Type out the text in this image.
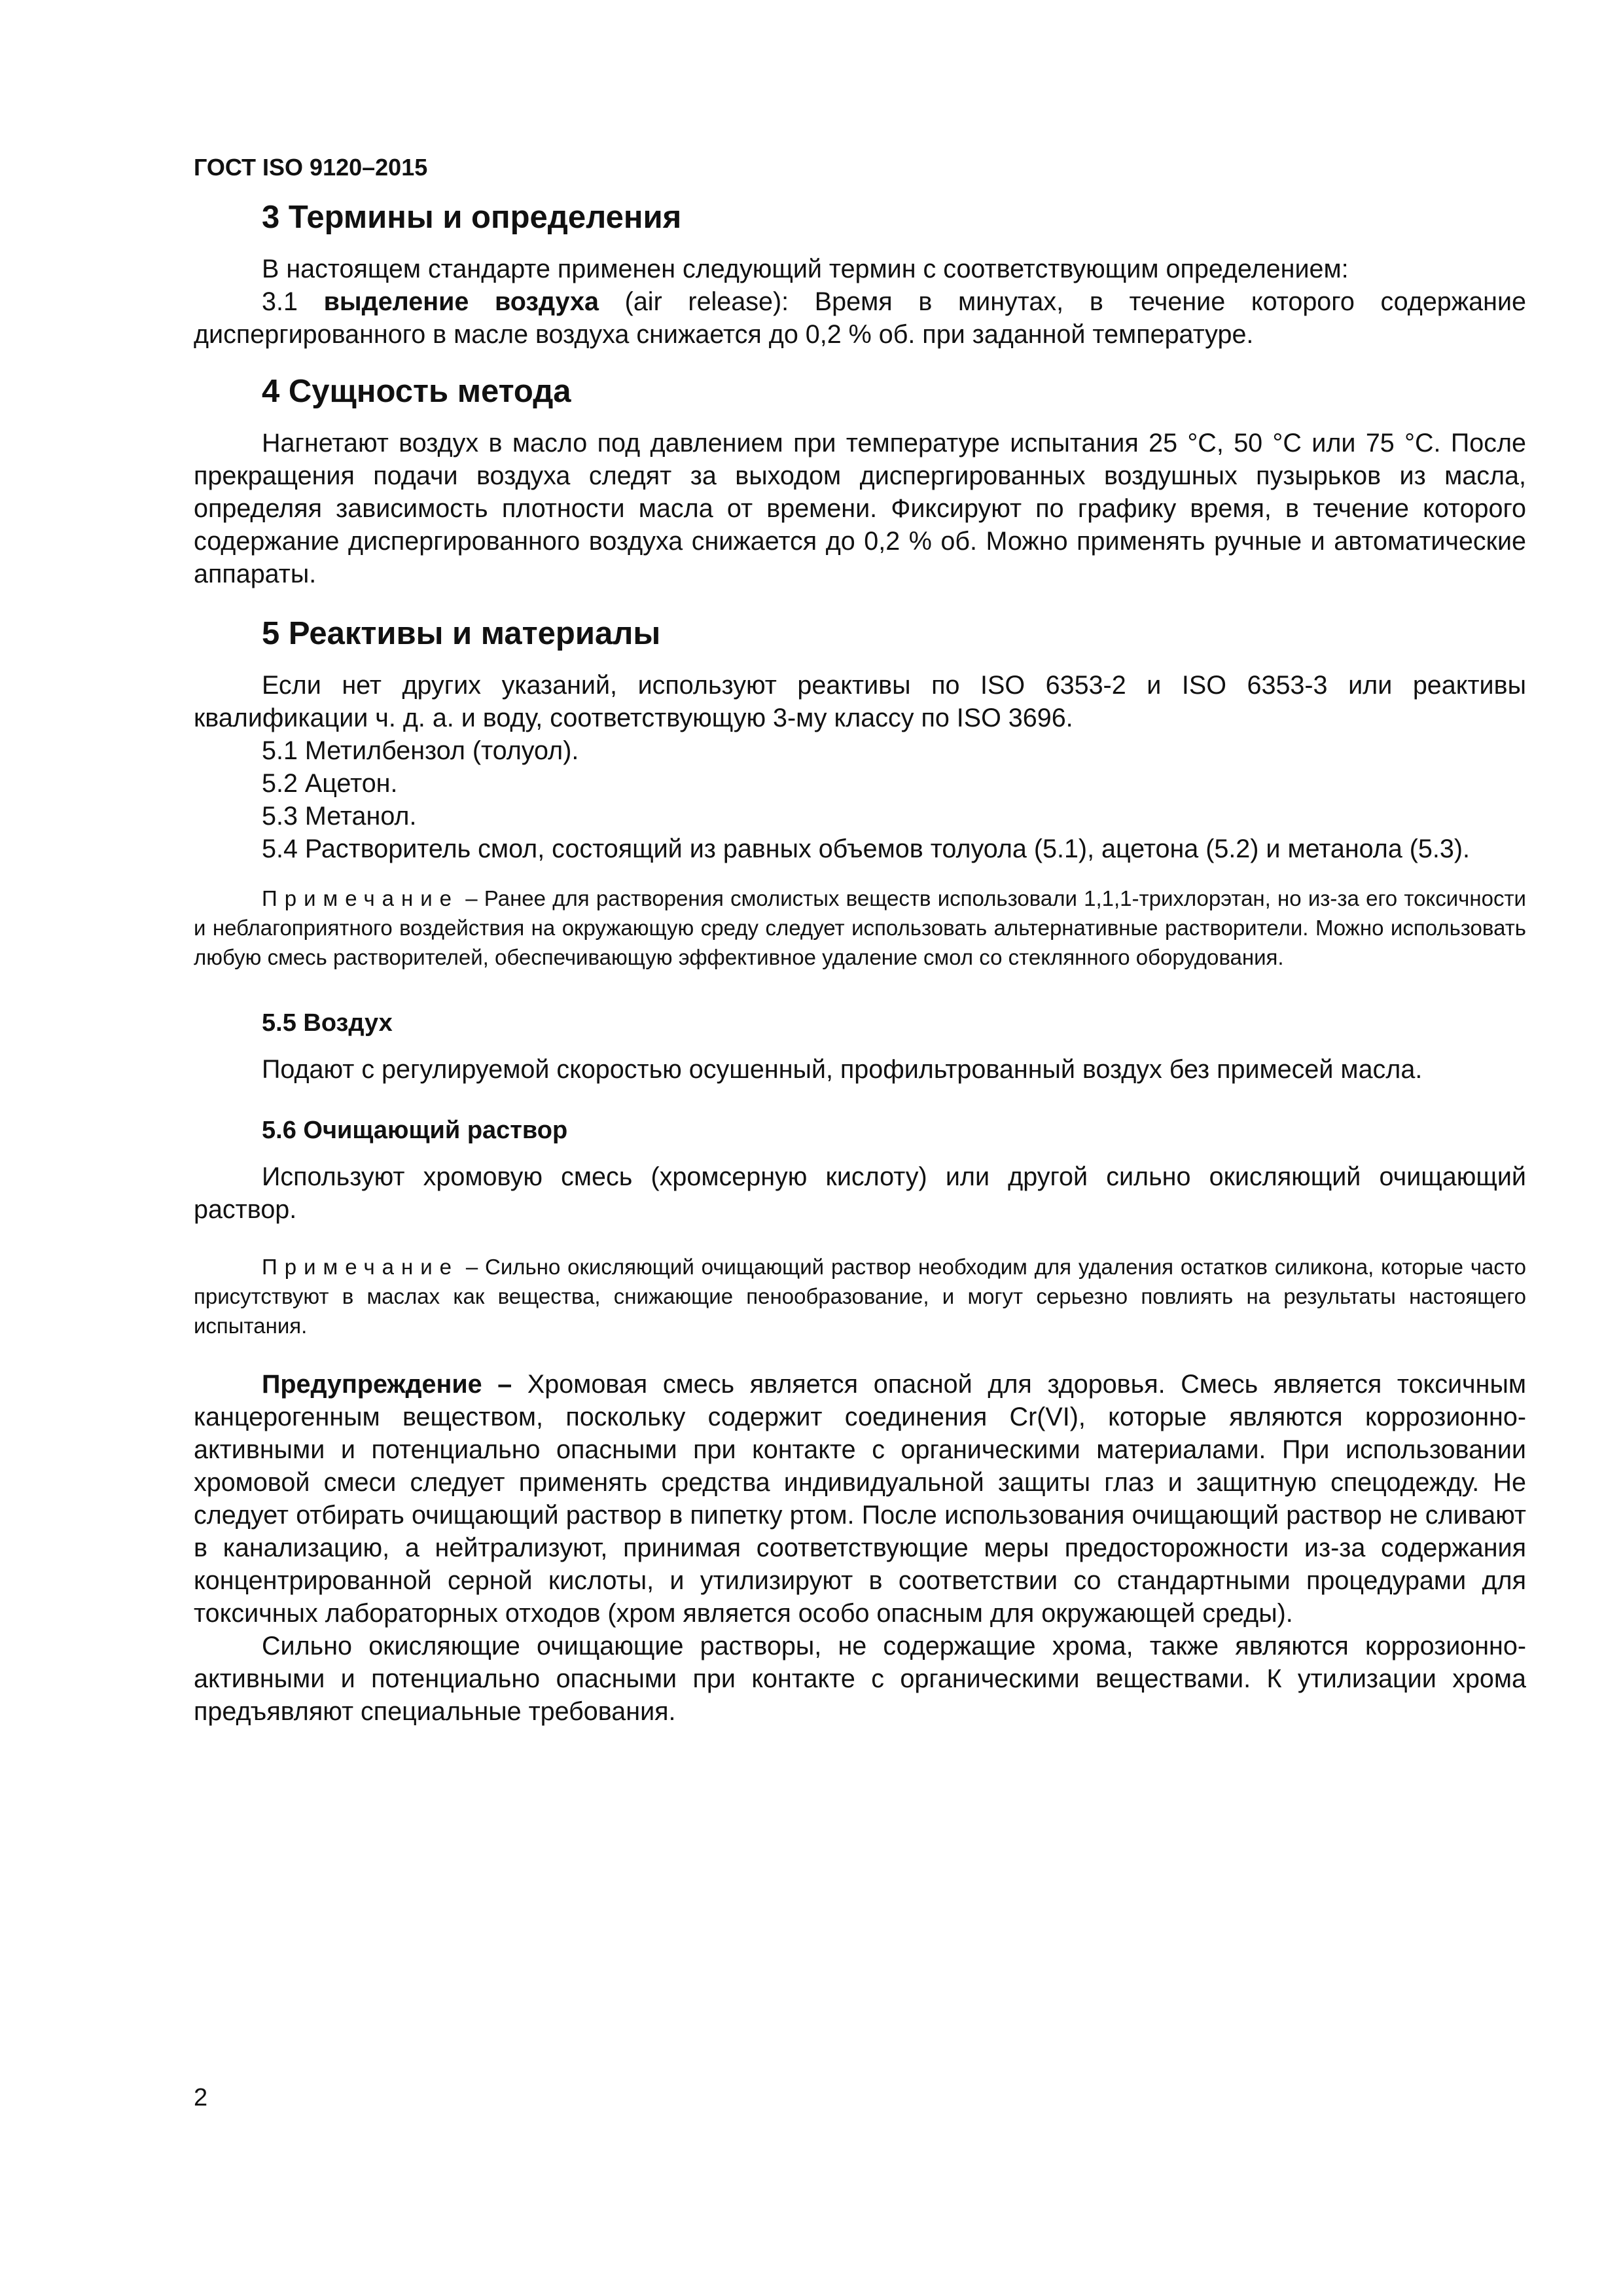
ГОСТ ISO 9120–2015
3 Термины и определения

В настоящем стандарте применен следующий термин с соответствующим определением:

3.1 выделение воздуха (air release): Время в минутах, в течение которого содержание диспергированного в масле воздуха снижается до 0,2 % об. при заданной температуре.

4 Сущность метода

Нагнетают воздух в масло под давлением при температуре испытания 25 °С, 50 °С или 75 °С. После прекращения подачи воздуха следят за выходом диспергированных воздушных пузырьков из масла, определяя зависимость плотности масла от времени. Фиксируют по графику время, в течение которого содержание диспергированного воздуха снижается до 0,2 % об. Можно применять ручные и автоматические аппараты.

5 Реактивы и материалы

Если нет других указаний, используют реактивы по ISO 6353-2 и ISO 6353-3 или реактивы квалификации ч. д. а. и воду, соответствующую 3-му классу по ISO 3696.

5.1 Метилбензол (толуол).

5.2 Ацетон.

5.3 Метанол.

5.4 Растворитель смол, состоящий из равных объемов толуола (5.1), ацетона (5.2) и метанола (5.3).

Примечание – Ранее для растворения смолистых веществ использовали 1,1,1-трихлорэтан, но из-за его токсичности и неблагоприятного воздействия на окружающую среду следует использовать альтернативные растворители. Можно использовать любую смесь растворителей, обеспечивающую эффективное удаление смол со стеклянного оборудования.

5.5 Воздух

Подают с регулируемой скоростью осушенный, профильтрованный воздух без примесей масла.

5.6 Очищающий раствор

Используют хромовую смесь (хромсерную кислоту) или другой сильно окисляющий очищающий раствор.

Примечание – Сильно окисляющий очищающий раствор необходим для удаления остатков силикона, которые часто присутствуют в маслах как вещества, снижающие пенообразование, и могут серьезно повлиять на результаты настоящего испытания.

Предупреждение – Хромовая смесь является опасной для здоровья. Смесь является токсичным канцерогенным веществом, поскольку содержит соединения Cr(VI), которые являются коррозионно-активными и потенциально опасными при контакте с органическими материалами. При использовании хромовой смеси следует применять средства индивидуальной защиты глаз и защитную спецодежду. Не следует отбирать очищающий раствор в пипетку ртом. После использования очищающий раствор не сливают в канализацию, а нейтрализуют, принимая соответствующие меры предосторожности из-за содержания концентрированной серной кислоты, и утилизируют в соответствии со стандартными процедурами для токсичных лабораторных отходов (хром является особо опасным для окружающей среды).

Сильно окисляющие очищающие растворы, не содержащие хрома, также являются коррозионно-активными и потенциально опасными при контакте с органическими веществами. К утилизации хрома предъявляют специальные требования.

2
